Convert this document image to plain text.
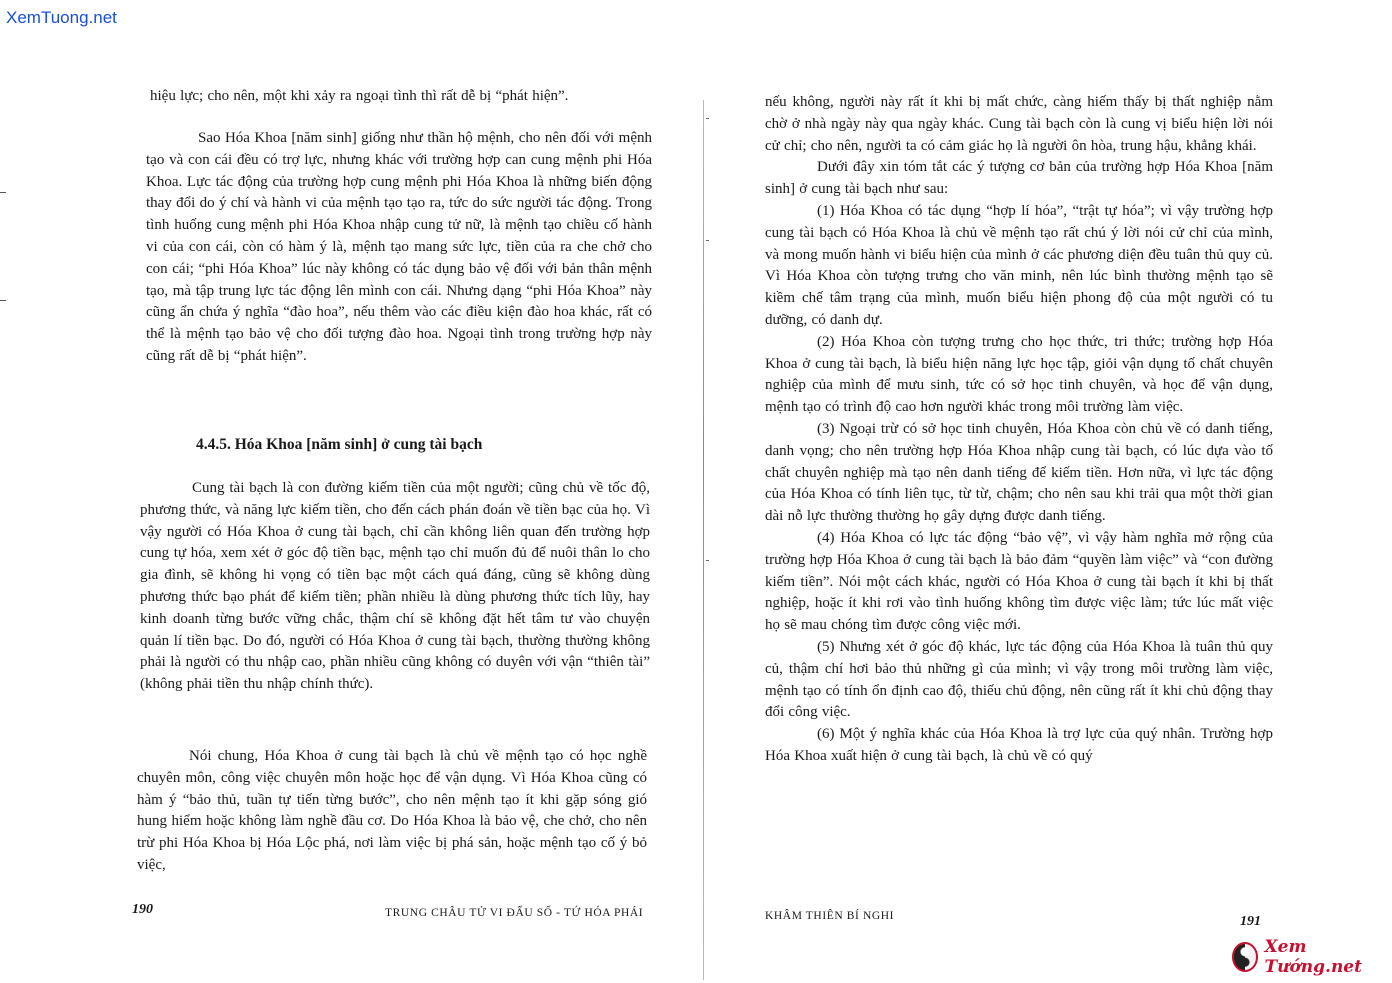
XemTuong.net

hiệu lực; cho nên, một khi xảy ra ngoại tình thì rất dễ bị “phát hiện”.

Sao Hóa Khoa [năm sinh] giống như thần hộ mệnh, cho nên đối với mệnh tạo và con cái đều có trợ lực, nhưng khác với trường hợp can cung mệnh phi Hóa Khoa. Lực tác động của trường hợp cung mệnh phi Hóa Khoa là những biến động thay đổi do ý chí và hành vi của mệnh tạo tạo ra, tức do sức người tác động. Trong tình huống cung mệnh phi Hóa Khoa nhập cung tử nữ, là mệnh tạo chiều cố hành vi của con cái, còn có hàm ý là, mệnh tạo mang sức lực, tiền của ra che chở cho con cái; “phi Hóa Khoa” lúc này không có tác dụng bảo vệ đối với bản thân mệnh tạo, mà tập trung lực tác động lên mình con cái. Nhưng dạng “phi Hóa Khoa” này cũng ẩn chứa ý nghĩa “đào hoa”, nếu thêm vào các điều kiện đào hoa khác, rất có thể là mệnh tạo bảo vệ cho đối tượng đào hoa. Ngoại tình trong trường hợp này cũng rất dễ bị “phát hiện”.

4.4.5. Hóa Khoa [năm sinh] ở cung tài bạch

Cung tài bạch là con đường kiếm tiền của một người; cũng chủ về tốc độ, phương thức, và năng lực kiếm tiền, cho đến cách phán đoán về tiền bạc của họ. Vì vậy người có Hóa Khoa ở cung tài bạch, chỉ cần không liên quan đến trường hợp cung tự hóa, xem xét ở góc độ tiền bạc, mệnh tạo chỉ muốn đủ để nuôi thân lo cho gia đình, sẽ không hi vọng có tiền bạc một cách quá đáng, cũng sẽ không dùng phương thức bạo phát để kiếm tiền; phần nhiều là dùng phương thức tích lũy, hay kinh doanh từng bước vững chắc, thậm chí sẽ không đặt hết tâm tư vào chuyện quản lí tiền bạc. Do đó, người có Hóa Khoa ở cung tài bạch, thường thường không phải là người có thu nhập cao, phần nhiều cũng không có duyên với vận “thiên tài” (không phải tiền thu nhập chính thức).

Nói chung, Hóa Khoa ở cung tài bạch là chủ về mệnh tạo có học nghề chuyên môn, công việc chuyên môn hoặc học để vận dụng. Vì Hóa Khoa cũng có hàm ý “bảo thủ, tuần tự tiến từng bước”, cho nên mệnh tạo ít khi gặp sóng gió hung hiểm hoặc không làm nghề đầu cơ. Do Hóa Khoa là bảo vệ, che chở, cho nên trừ phi Hóa Khoa bị Hóa Lộc phá, nơi làm việc bị phá sản, hoặc mệnh tạo cố ý bỏ việc,

190	TRUNG CHÂU TỬ VI ĐẨU SỐ - TỨ HÓA PHÁI

nếu không, người này rất ít khi bị mất chức, càng hiếm thấy bị thất nghiệp nằm chờ ở nhà ngày này qua ngày khác. Cung tài bạch còn là cung vị biểu hiện lời nói cử chỉ; cho nên, người ta có cảm giác họ là người ôn hòa, trung hậu, khẳng khái.

Dưới đây xin tóm tắt các ý tượng cơ bản của trường hợp Hóa Khoa [năm sinh] ở cung tài bạch như sau:

(1) Hóa Khoa có tác dụng “hợp lí hóa”, “trật tự hóa”; vì vậy trường hợp cung tài bạch có Hóa Khoa là chủ về mệnh tạo rất chú ý lời nói cử chỉ của mình, và mong muốn hành vi biểu hiện của mình ở các phương diện đều tuân thủ quy củ. Vì Hóa Khoa còn tượng trưng cho văn minh, nên lúc bình thường mệnh tạo sẽ kiềm chế tâm trạng của mình, muốn biểu hiện phong độ của một người có tu dưỡng, có danh dự.

(2) Hóa Khoa còn tượng trưng cho học thức, tri thức; trường hợp Hóa Khoa ở cung tài bạch, là biểu hiện năng lực học tập, giỏi vận dụng tố chất chuyên nghiệp của mình để mưu sinh, tức có sở học tinh chuyên, và học để vận dụng, mệnh tạo có trình độ cao hơn người khác trong môi trường làm việc.

(3) Ngoại trừ có sở học tinh chuyên, Hóa Khoa còn chủ về có danh tiếng, danh vọng; cho nên trường hợp Hóa Khoa nhập cung tài bạch, có lúc dựa vào tố chất chuyên nghiệp mà tạo nên danh tiếng để kiếm tiền. Hơn nữa, vì lực tác động của Hóa Khoa có tính liên tục, từ từ, chậm; cho nên sau khi trải qua một thời gian dài nỗ lực thường thường họ gây dựng được danh tiếng.

(4) Hóa Khoa có lực tác động “bảo vệ”, vì vậy hàm nghĩa mở rộng của trường hợp Hóa Khoa ở cung tài bạch là bảo đảm “quyền làm việc” và “con đường kiếm tiền”. Nói một cách khác, người có Hóa Khoa ở cung tài bạch ít khi bị thất nghiệp, hoặc ít khi rơi vào tình huống không tìm được việc làm; tức lúc mất việc họ sẽ mau chóng tìm được công việc mới.

(5) Nhưng xét ở góc độ khác, lực tác động của Hóa Khoa là tuân thủ quy củ, thậm chí hơi bảo thủ những gì của mình; vì vậy trong môi trường làm việc, mệnh tạo có tính ổn định cao độ, thiếu chủ động, nên cũng rất ít khi chủ động thay đổi công việc.

(6) Một ý nghĩa khác của Hóa Khoa là trợ lực của quý nhân. Trường hợp Hóa Khoa xuất hiện ở cung tài bạch, là chủ về có quý

KHÂM THIÊN BÍ NGHI	191
Xem Tướng.net
